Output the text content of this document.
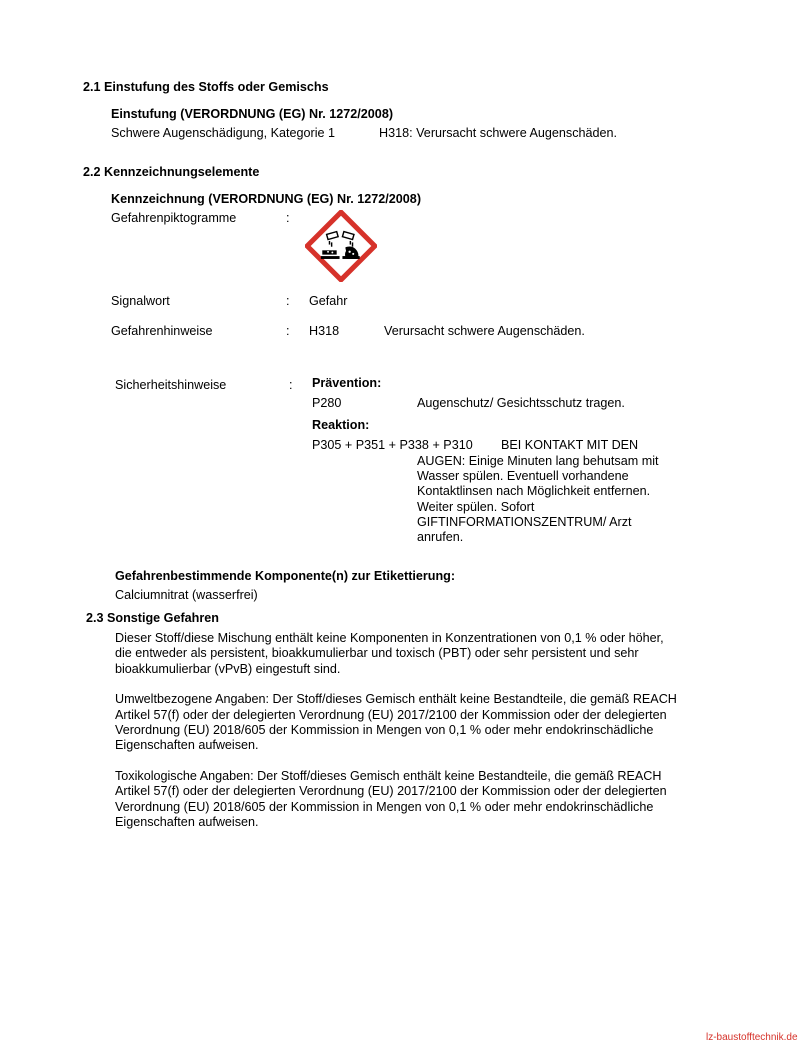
2.1 Einstufung des Stoffs oder Gemischs
Einstufung (VERORDNUNG (EG) Nr. 1272/2008)
Schwere Augenschädigung, Kategorie 1	H318: Verursacht schwere Augenschäden.
2.2 Kennzeichnungselemente
Kennzeichnung (VERORDNUNG (EG) Nr. 1272/2008)
Gefahrenpiktogramme	:
Signalwort	: Gefahr
Gefahrenhinweise	: H318	Verursacht schwere Augenschäden.
Sicherheitshinweise	: Prävention:
P280	Augenschutz/ Gesichtsschutz tragen.
Reaktion:
P305 + P351 + P338 + P310 BEI KONTAKT MIT DEN
AUGEN: Einige Minuten lang behutsam mit
Wasser spülen. Eventuell vorhandene
Kontaktlinsen nach Möglichkeit entfernen.
Weiter spülen. Sofort
GIFTINFORMATIONSZENTRUM/ Arzt
anrufen.
Gefahrenbestimmende Komponente(n) zur Etikettierung:
Calciumnitrat (wasserfrei)
2.3 Sonstige Gefahren
Dieser Stoff/diese Mischung enthält keine Komponenten in Konzentrationen von 0,1 % oder höher,
die entweder als persistent, bioakkumulierbar und toxisch (PBT) oder sehr persistent und sehr
bioakkumulierbar (vPvB) eingestuft sind.
Umweltbezogene Angaben: Der Stoff/dieses Gemisch enthält keine Bestandteile, die gemäß REACH
Artikel 57(f) oder der delegierten Verordnung (EU) 2017/2100 der Kommission oder der delegierten
Verordnung (EU) 2018/605 der Kommission in Mengen von 0,1 % oder mehr endokrinschädliche
Eigenschaften aufweisen.
Toxikologische Angaben: Der Stoff/dieses Gemisch enthält keine Bestandteile, die gemäß REACH
Artikel 57(f) oder der delegierten Verordnung (EU) 2017/2100 der Kommission oder der delegierten
Verordnung (EU) 2018/605 der Kommission in Mengen von 0,1 % oder mehr endokrinschädliche
Eigenschaften aufweisen.
lz-baustofftechnik.de
